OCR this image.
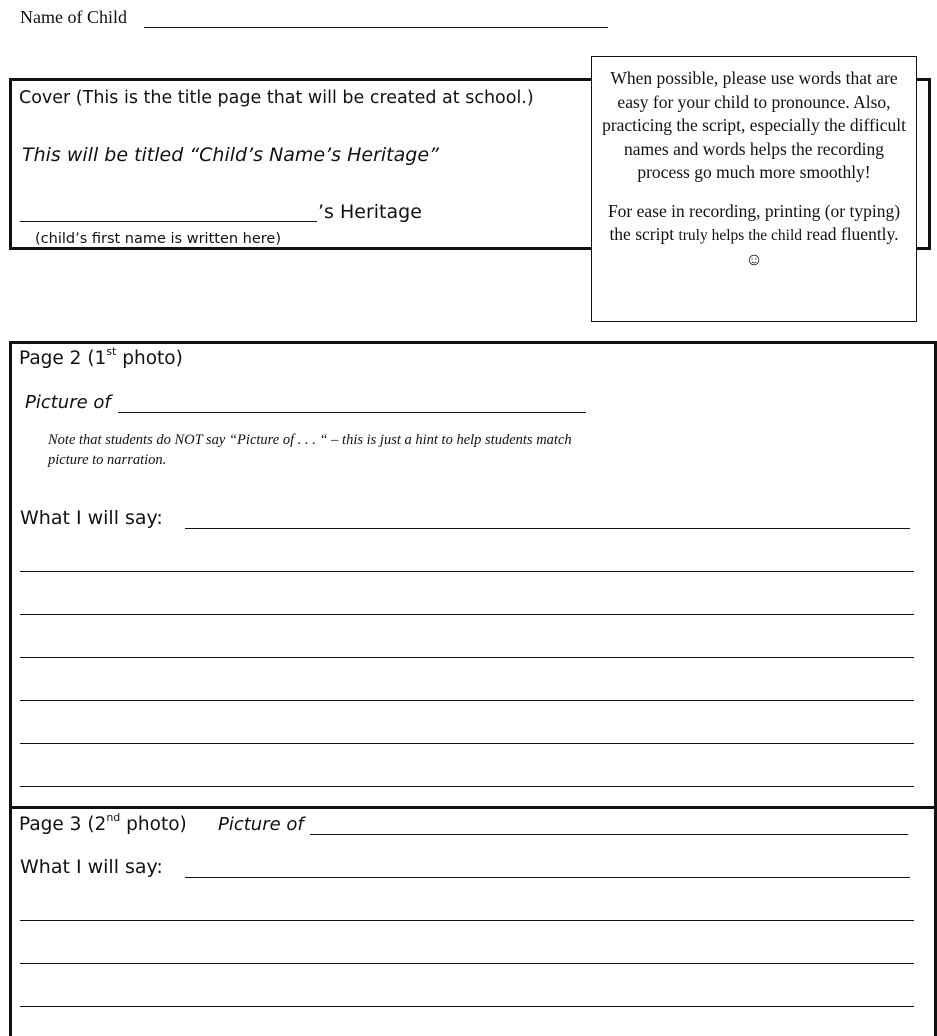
Name of Child
Cover (This is the title page that will be created at school.)
This will be titled “Child’s Name’s Heritage”
’s Heritage
(child’s first name is written here)

When possible, please use words that are easy for your child to pronounce. Also, practicing the script, especially the difficult names and words helps the recording process go much more smoothly!

For ease in recording, printing (or typing) the script truly helps the child read fluently. ☺

Page 2 (1st photo)
Picture of
Note that students do NOT say “Picture of . . . “ – this is just a hint to help students match picture to narration.
What I will say:
Page 3 (2nd photo) Picture of
What I will say:
